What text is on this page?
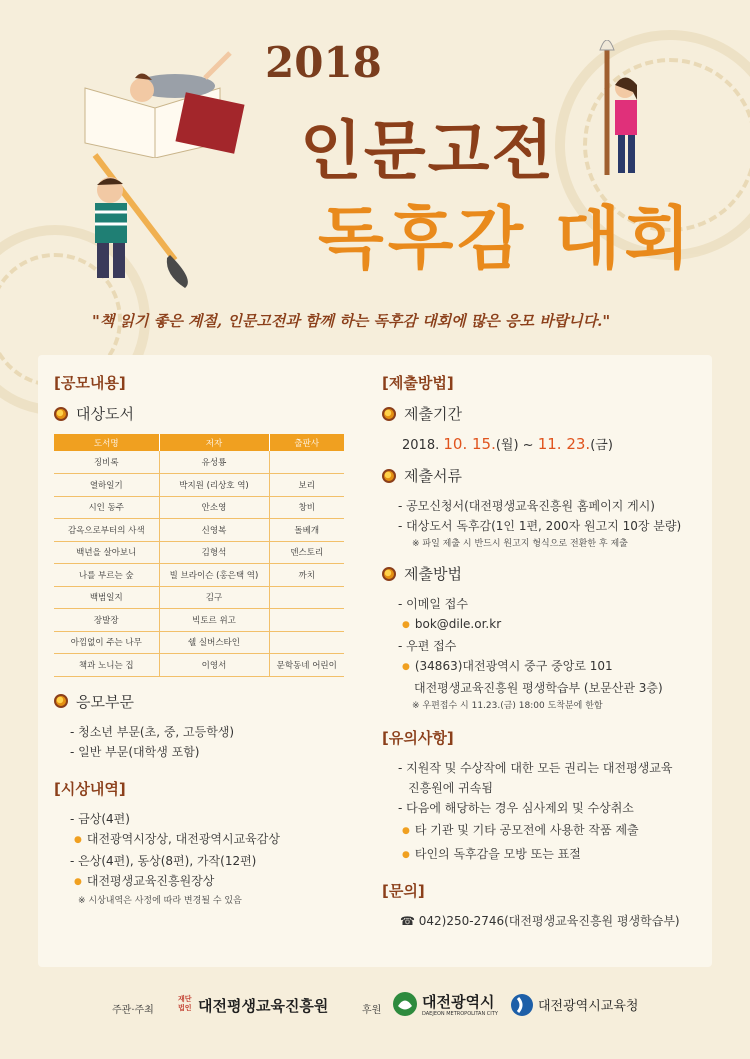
2018
인문고전
독후감 대회
"책 읽기 좋은 계절, 인문고전과 함께 하는 독후감 대회에 많은 응모 바랍니다."
[공모내용]
대상도서
도서명	저자	출판사
징비록	유성룡	
열하일기	박지원 (리상호 역)	보리
시인 동주	안소영	창비
감옥으로부터의 사색	신영복	돌베개
백년을 살아보니	김형석	덴스토리
나를 부르는 숲	빌 브라이슨 (홍은택 역)	까치
백범일지	김구	
장발장	빅토르 위고	
아낌없이 주는 나무	쉘 실버스타인	
책과 노니는 집	이영서	문학동네 어린이
응모부문
- 청소년 부문(초, 중, 고등학생)
- 일반 부문(대학생 포함)
[시상내역]
- 금상(4편)
● 대전광역시장상, 대전광역시교육감상
- 은상(4편), 동상(8편), 가작(12편)
● 대전평생교육진흥원장상
※ 시상내역은 사정에 따라 변경될 수 있음
[제출방법]
제출기간
2018. 10. 15.(월) ~ 11. 23.(금)
제출서류
- 공모신청서(대전평생교육진흥원 홈페이지 게시)
- 대상도서 독후감(1인 1편, 200자 원고지 10장 분량)
※ 파일 제출 시 반드시 원고지 형식으로 전환한 후 제출
제출방법
- 이메일 접수
● bok@dile.or.kr
- 우편 접수
● (34863)대전광역시 중구 중앙로 101
대전평생교육진흥원 평생학습부 (보문산관 3층)
※ 우편접수 시 11.23.(금) 18:00 도착분에 한함
[유의사항]
- 지원작 및 수상작에 대한 모든 권리는 대전평생교육
진흥원에 귀속됨
- 다음에 해당하는 경우 심사제외 및 수상취소
● 타 기관 및 기타 공모전에 사용한 작품 제출
● 타인의 독후감을 모방 또는 표절
[문의]
☎ 042)250-2746(대전평생교육진흥원 평생학습부)
주관·주최
재단 법인 대전평생교육진흥원	후원	대전광역시
DAEJEON METROPOLITAN CITY	대전광역시교육청
